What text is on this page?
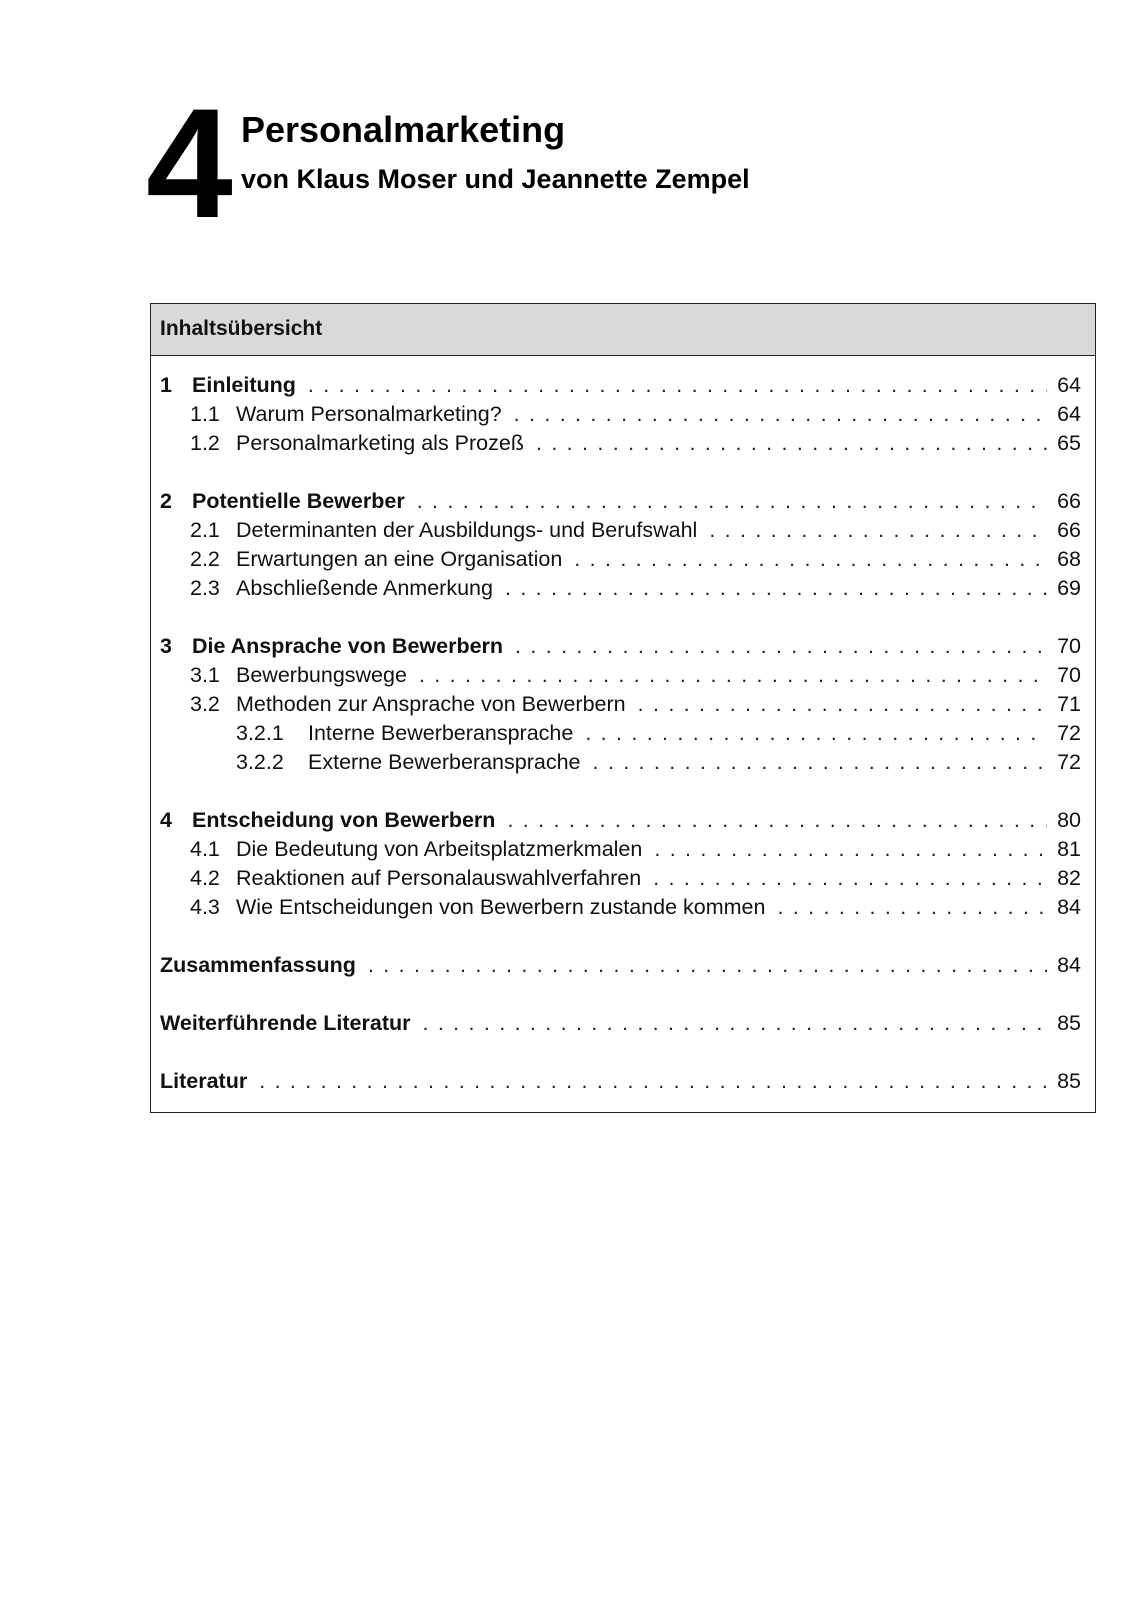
4 Personalmarketing
von Klaus Moser und Jeannette Zempel
Inhaltsübersicht
1 Einleitung . . .	64
1.1 Warum Personalmarketing? . . .	64
1.2 Personalmarketing als Prozeß . . .	65
2 Potentielle Bewerber . . .	66
2.1 Determinanten der Ausbildungs- und Berufswahl . . .	66
2.2 Erwartungen an eine Organisation . . .	68
2.3 Abschließende Anmerkung . . .	69
3 Die Ansprache von Bewerbern . . .	70
3.1 Bewerbungswege . . .	70
3.2 Methoden zur Ansprache von Bewerbern . . .	71
3.2.1	Interne Bewerberansprache . . .	72
3.2.2	Externe Bewerberansprache . . .	72
4 Entscheidung von Bewerbern . . .	80
4.1 Die Bedeutung von Arbeitsplatzmerkmalen . . .	81
4.2 Reaktionen auf Personalauswahlverfahren . . .	82
4.3 Wie Entscheidungen von Bewerbern zustande kommen . . .	84
Zusammenfassung . . .	84
Weiterführende Literatur . . .	85
Literatur . . .	85
